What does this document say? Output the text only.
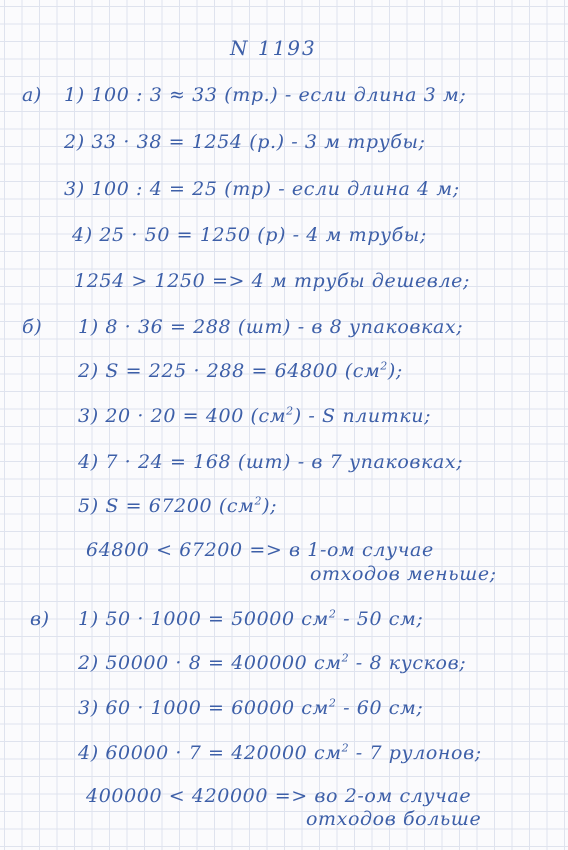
N 1193
а) 1) 100 : 3 ≈ 33 (тр.) - если длина 3 м;
2) 33 · 38 = 1254 (р.) - 3 м трубы;
3) 100 : 4 = 25 (тр) - если длина 4 м;
4) 25 · 50 = 1250 (р) - 4 м трубы;
1254 > 1250 => 4 м трубы дешевле;
б) 1) 8 · 36 = 288 (шт) - в 8 упаковках;
2) S = 225 · 288 = 64800 $(см^2)$;
3) 20 · 20 = 400 $(см^2)$ - S плитки;
4) 7 · 24 = 168 (шт) - в 7 упаковках;
5) S = 67200 $(см^2)$;
64800 < 67200 => в 1-ом случае
отходов меньше;
в) 1) 50 · 1000 = 50000 $см^2 - 50$ см;
2) 50000 · 8 = 400000 $см^2 - 8$ кусков;
3) 60 · 1000 = 60000 $см^2 - 60$ см;
4) 60000 · 7 = 420000 $см^2 - 7$ рулонов;
400000 < 420000 => во 2-ом случае
отходов больше
